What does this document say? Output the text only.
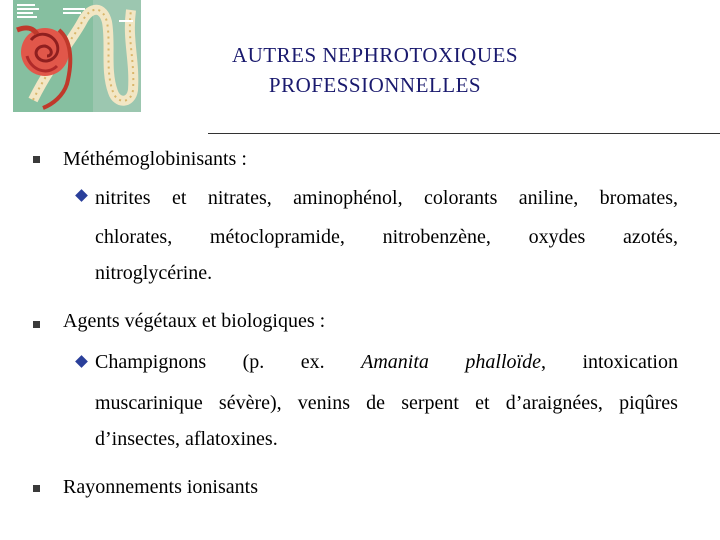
AUTRES NEPHROTOXIQUES
PROFESSIONNELLES
Méthémoglobinisants :
nitrites et nitrates, aminophénol, colorants aniline, bromates,
chlorates, métoclopramide, nitrobenzène, oxydes azotés,
nitroglycérine.
Agents végétaux et biologiques :
Champignons (p. ex. Amanita phalloïde, intoxication
muscarinique sévère), venins de serpent et d’araignées, piqûres
d’insectes, aflatoxines.
Rayonnements ionisants
